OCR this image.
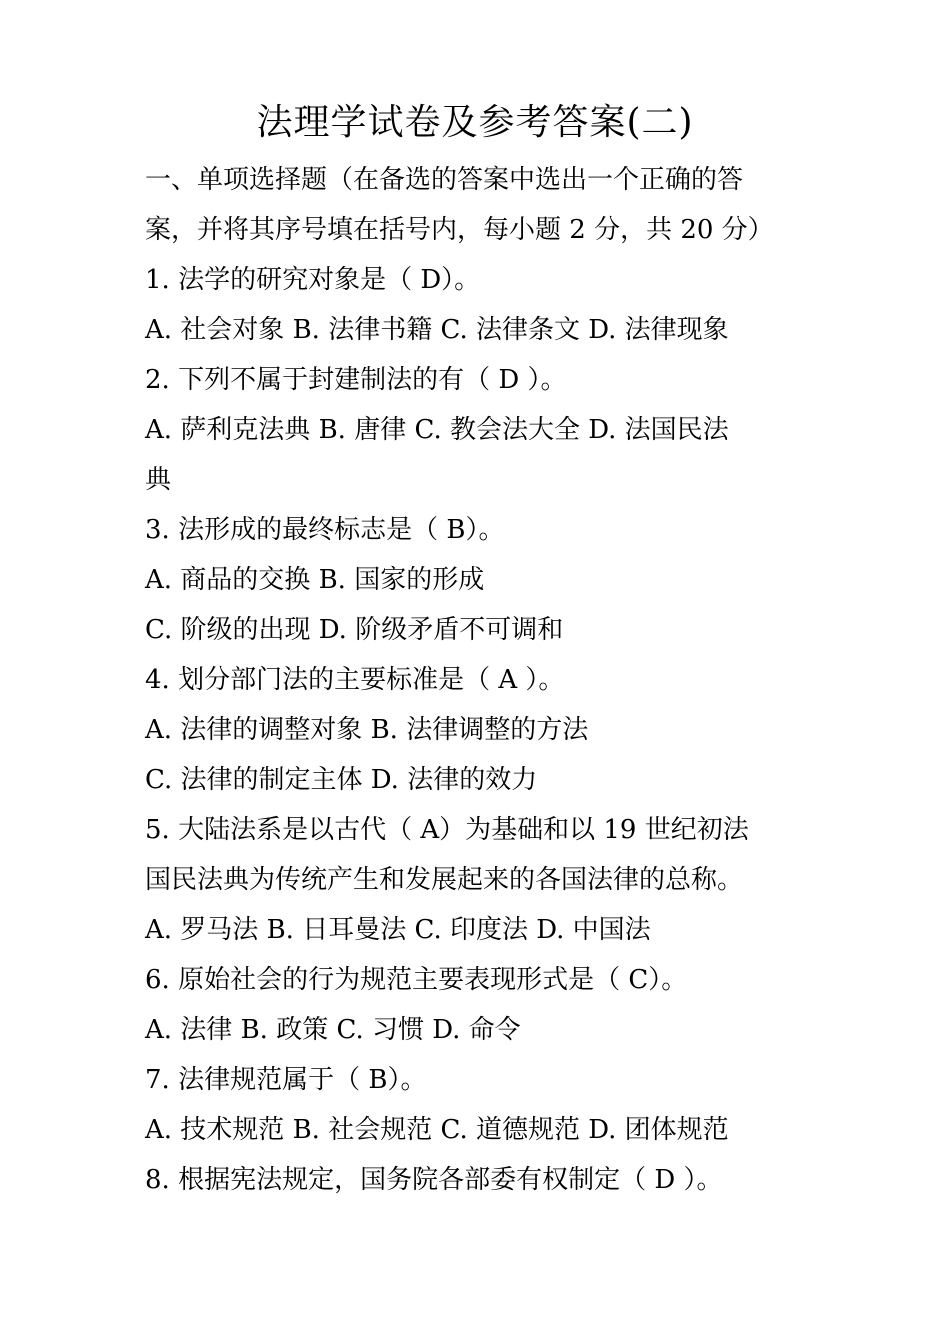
法理学试卷及参考答案(二)
一、单项选择题（在备选的答案中选出一个正确的答
案，并将其序号填在括号内，每小题 2 分，共 20 分）
1. 法学的研究对象是（ D）。
A. 社会对象 B. 法律书籍 C. 法律条文 D. 法律现象
2. 下列不属于封建制法的有（ D ）。
A. 萨利克法典 B. 唐律 C. 教会法大全 D. 法国民法
典
3. 法形成的最终标志是（ B）。
A. 商品的交换 B. 国家的形成
C. 阶级的出现 D. 阶级矛盾不可调和
4. 划分部门法的主要标准是（ A ）。
A. 法律的调整对象 B. 法律调整的方法
C. 法律的制定主体 D. 法律的效力
5. 大陆法系是以古代（ A）为基础和以 19 世纪初法
国民法典为传统产生和发展起来的各国法律的总称。
A. 罗马法 B. 日耳曼法 C. 印度法 D. 中国法
6. 原始社会的行为规范主要表现形式是（ C）。
A. 法律 B. 政策 C. 习惯 D. 命令
7. 法律规范属于（ B）。
A. 技术规范 B. 社会规范 C. 道德规范 D. 团体规范
8. 根据宪法规定，国务院各部委有权制定（ D ）。
